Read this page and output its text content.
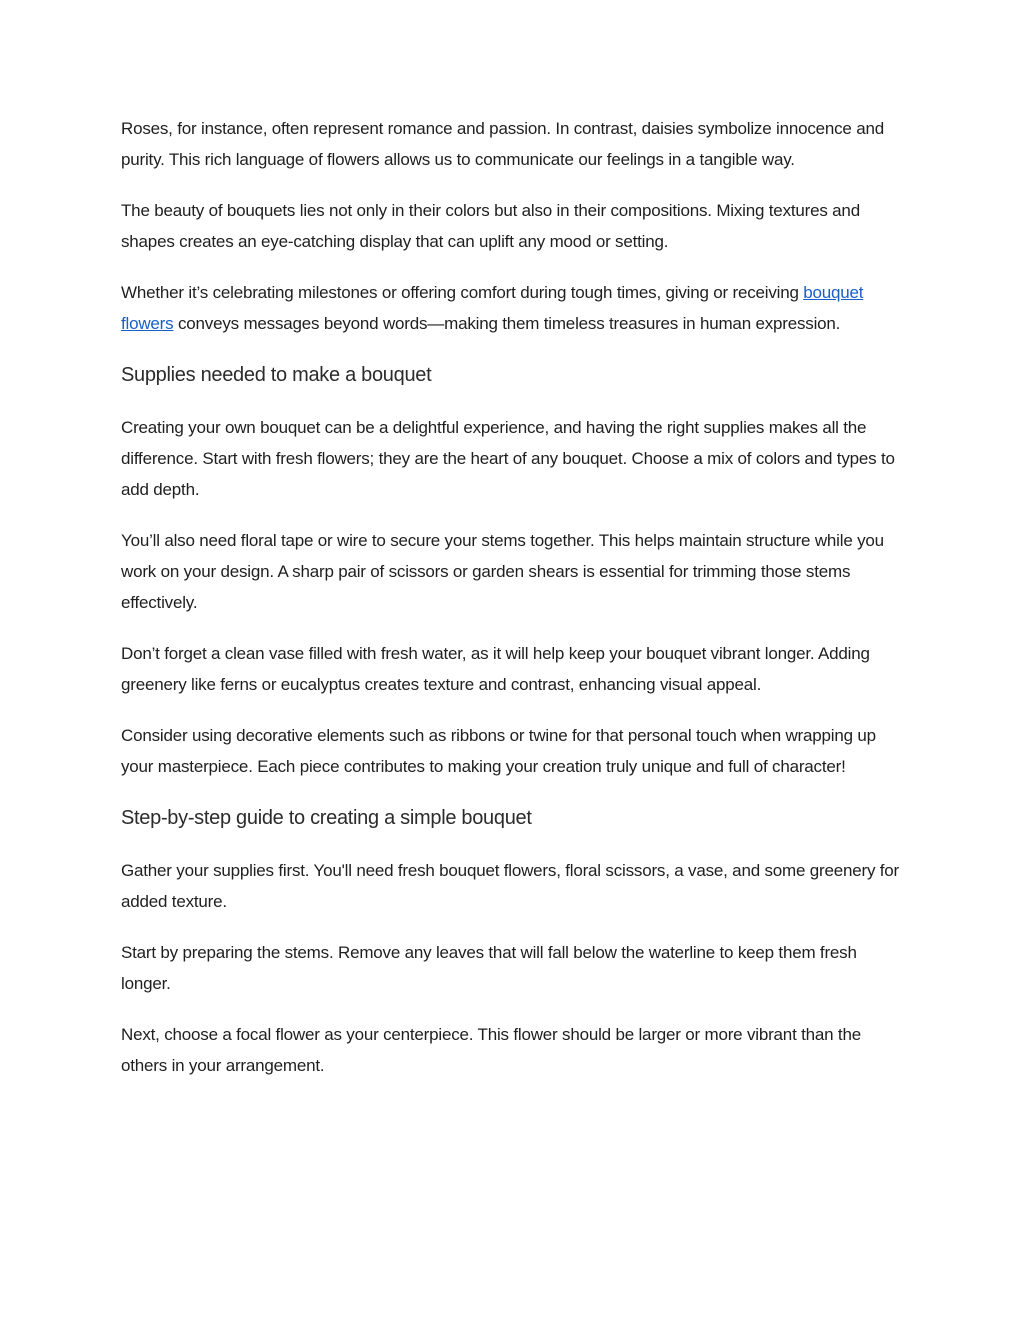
Roses, for instance, often represent romance and passion. In contrast, daisies symbolize innocence and purity. This rich language of flowers allows us to communicate our feelings in a tangible way.

The beauty of bouquets lies not only in their colors but also in their compositions. Mixing textures and shapes creates an eye-catching display that can uplift any mood or setting.

Whether it’s celebrating milestones or offering comfort during tough times, giving or receiving bouquet flowers conveys messages beyond words—making them timeless treasures in human expression.

Supplies needed to make a bouquet

Creating your own bouquet can be a delightful experience, and having the right supplies makes all the difference. Start with fresh flowers; they are the heart of any bouquet. Choose a mix of colors and types to add depth.

You’ll also need floral tape or wire to secure your stems together. This helps maintain structure while you work on your design. A sharp pair of scissors or garden shears is essential for trimming those stems effectively.

Don’t forget a clean vase filled with fresh water, as it will help keep your bouquet vibrant longer. Adding greenery like ferns or eucalyptus creates texture and contrast, enhancing visual appeal.

Consider using decorative elements such as ribbons or twine for that personal touch when wrapping up your masterpiece. Each piece contributes to making your creation truly unique and full of character!

Step-by-step guide to creating a simple bouquet

Gather your supplies first. You'll need fresh bouquet flowers, floral scissors, a vase, and some greenery for added texture.

Start by preparing the stems. Remove any leaves that will fall below the waterline to keep them fresh longer.

Next, choose a focal flower as your centerpiece. This flower should be larger or more vibrant than the others in your arrangement.
